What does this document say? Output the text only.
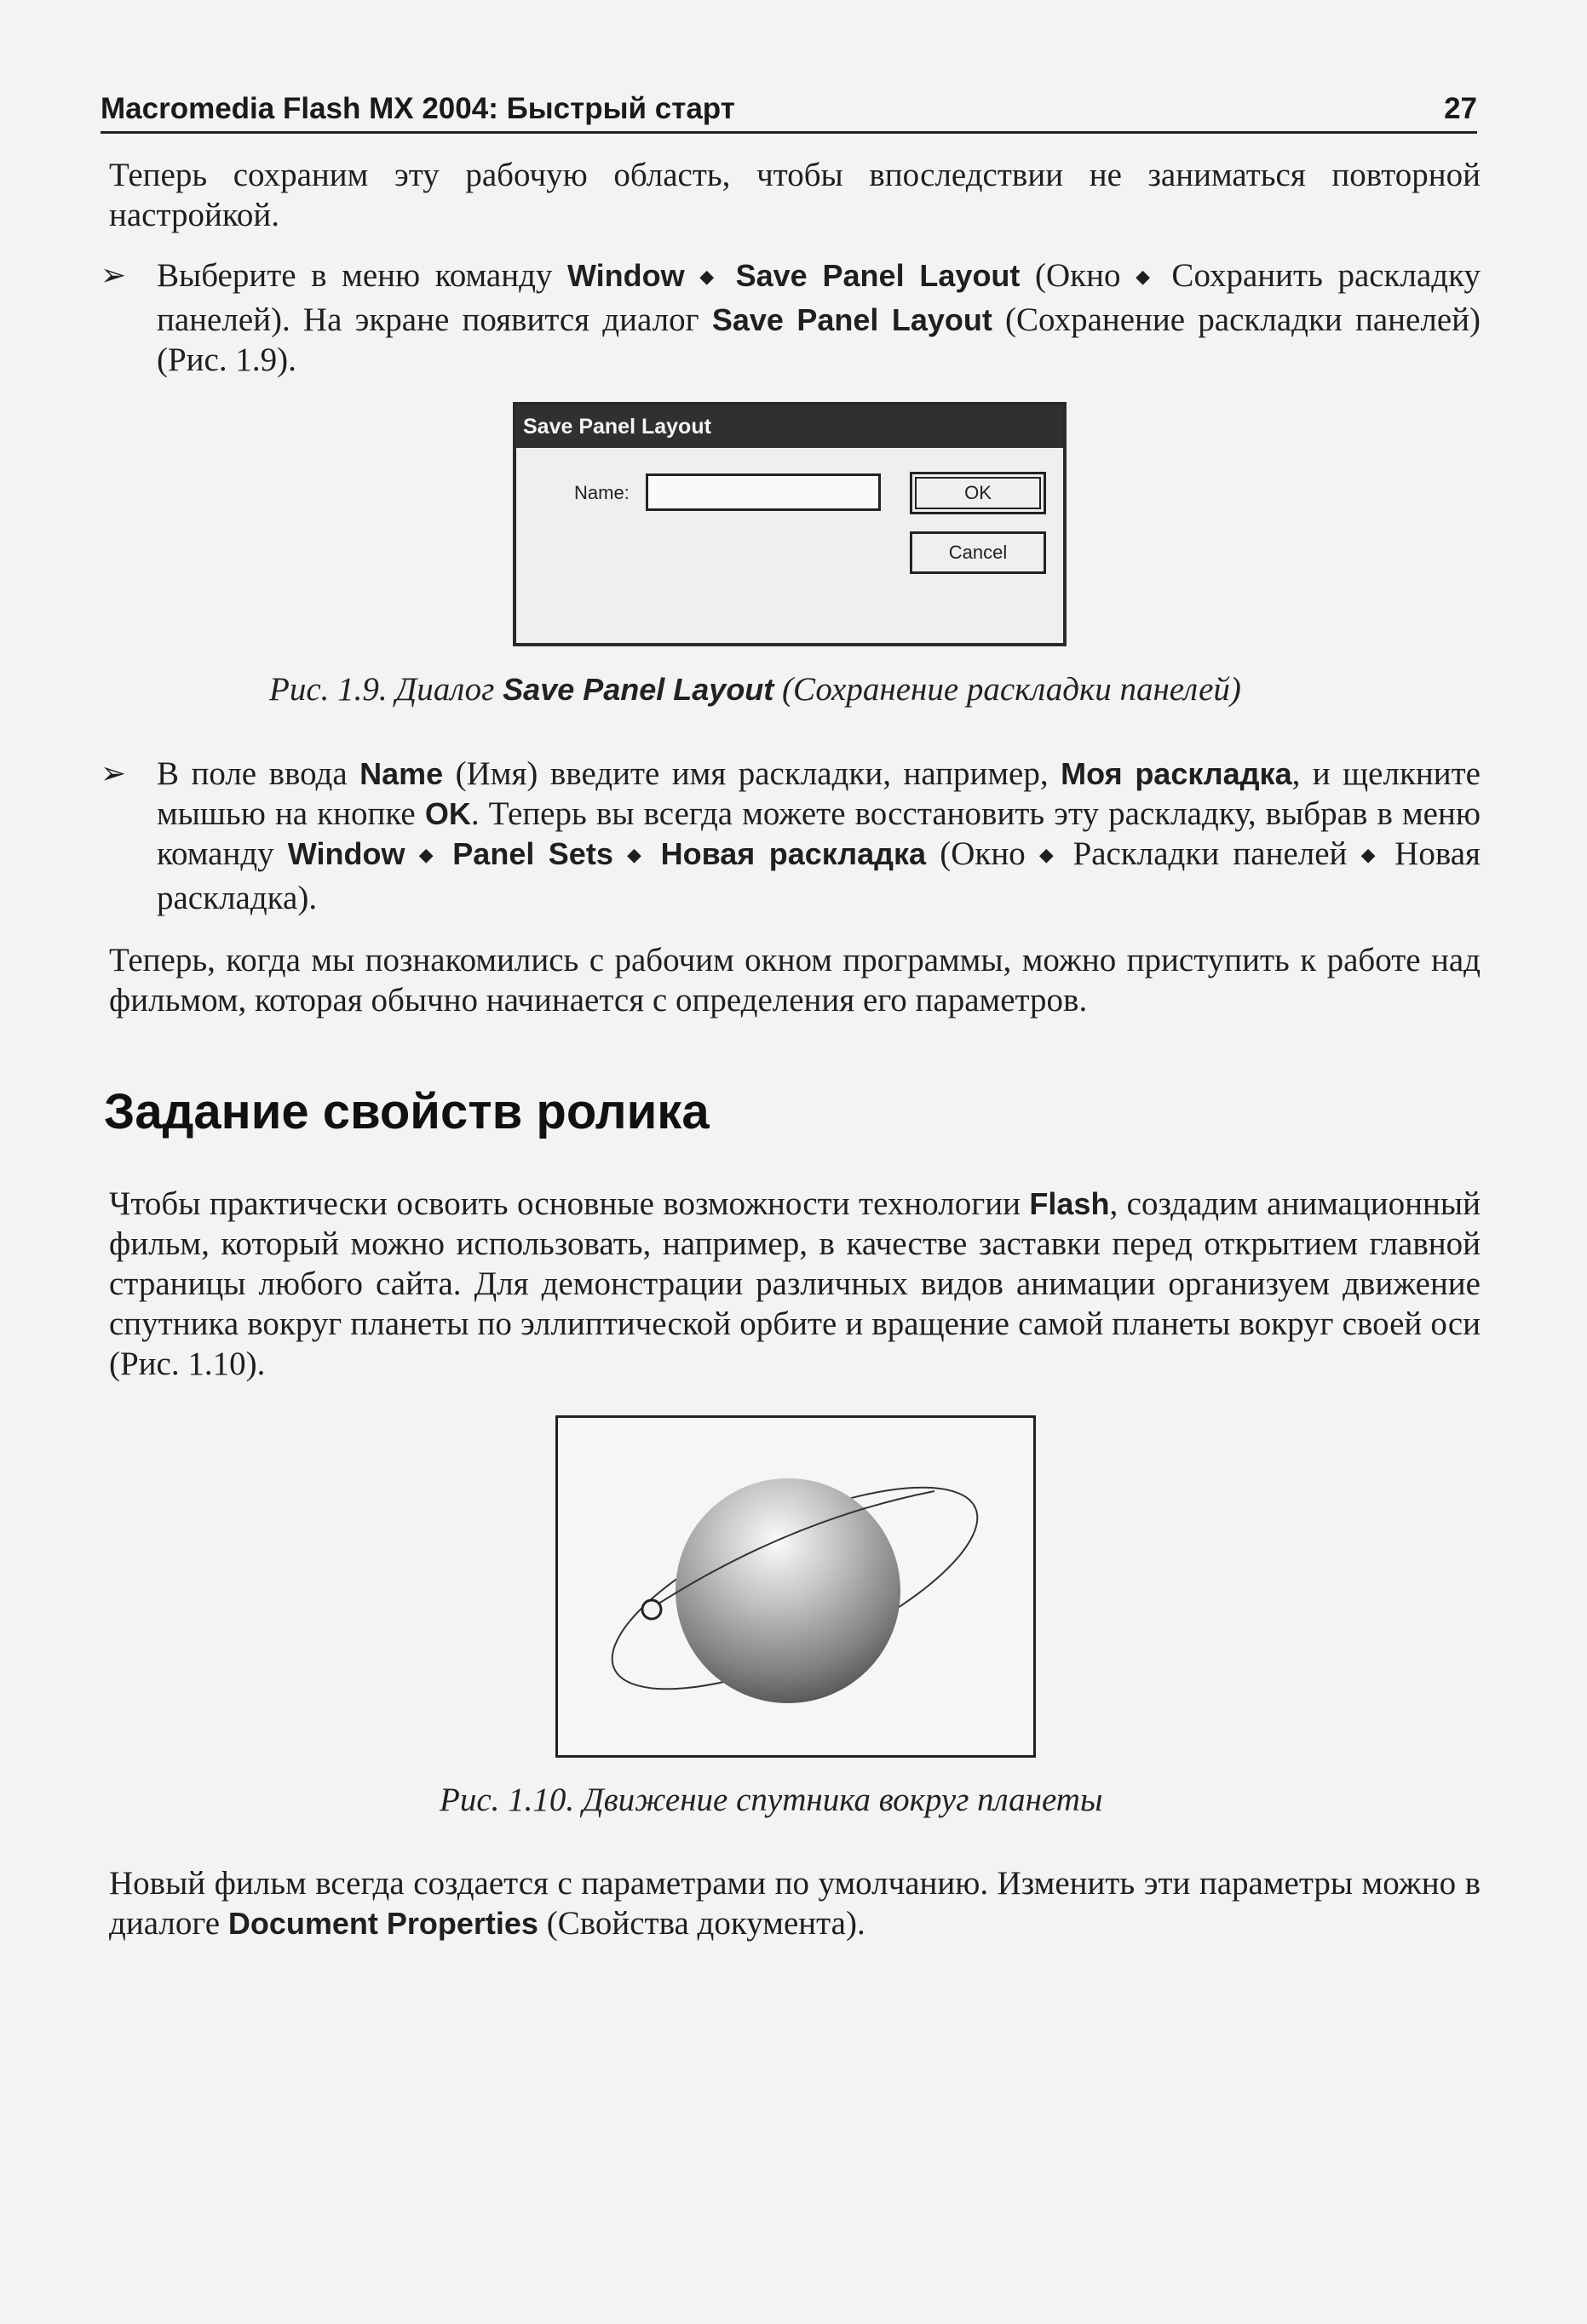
Macromedia Flash MX 2004: Быстрый старт	27
Теперь сохраним эту рабочую область, чтобы впоследствии не заниматься повторной настройкой.
➢ Выберите в меню команду Window ◆ Save Panel Layout (Окно ◆ Сохранить раскладку панелей). На экране появится диалог Save Panel Layout (Сохранение раскладки панелей) (Рис. 1.9).
Save Panel Layout
Name:	OK
Cancel
Рис. 1.9. Диалог Save Panel Layout (Сохранение раскладки панелей)
➢ В поле ввода Name (Имя) введите имя раскладки, например, Моя раскладка, и щелкните мышью на кнопке OK. Теперь вы всегда можете восстановить эту раскладку, выбрав в меню команду Window ◆ Panel Sets ◆ Новая раскладка (Окно ◆ Раскладки панелей ◆ Новая раскладка).
Теперь, когда мы познакомились с рабочим окном программы, можно приступить к работе над фильмом, которая обычно начинается с определения его параметров.
Задание свойств ролика
Чтобы практически освоить основные возможности технологии Flash, создадим анимационный фильм, который можно использовать, например, в качестве заставки перед открытием главной страницы любого сайта. Для демонстрации различных видов анимации организуем движение спутника вокруг планеты по эллиптической орбите и вращение самой планеты вокруг своей оси (Рис. 1.10).
Рис. 1.10. Движение спутника вокруг планеты
Новый фильм всегда создается с параметрами по умолчанию. Изменить эти параметры можно в диалоге Document Properties (Свойства документа).
